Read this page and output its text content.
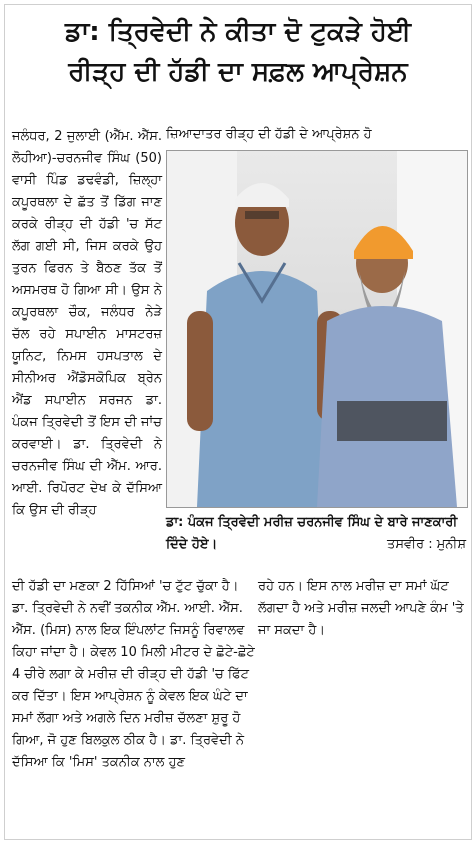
ਡਾ: ਤ੍ਰਿਵੇਦੀ ਨੇ ਕੀਤਾ ਦੋ ਟੁਕੜੇ ਹੋਈ
ਰੀੜ੍ਹ ਦੀ ਹੱਡੀ ਦਾ ਸਫ਼ਲ ਆਪ੍ਰੇਸ਼ਨ

ਜਲੰਧਰ, 2 ਜੁਲਾਈ (ਐੱਮ. ਐੱਸ. ਲੋਹੀਆ)-ਚਰਨਜੀਵ ਸਿੰਘ (50) ਵਾਸੀ ਪਿੰਡ ਡਢਵੰਡੀ, ਜ਼ਿਲ੍ਹਾ ਕਪੂਰਥਲਾ ਦੇ ਛੱਤ ਤੋਂ ਡਿੱਗ ਜਾਣ ਕਰਕੇ ਰੀੜ੍ਹ ਦੀ ਹੱਡੀ 'ਚ ਸੱਟ ਲੱਗ ਗਈ ਸੀ, ਜਿਸ ਕਰਕੇ ਉਹ ਤੁਰਨ ਫਿਰਨ ਤੇ ਬੈਠਣ ਤੱਕ ਤੋਂ ਅਸਮਰਥ ਹੋ ਗਿਆ ਸੀ। ਉਸ ਨੇ ਕਪੂਰਥਲਾ ਚੌਕ, ਜਲੰਧਰ ਨੇੜੇ ਚੱਲ ਰਹੇ ਸਪਾਈਨ ਮਾਸਟਰਜ਼ ਯੂਨਿਟ, ਨਿਮਸ ਹਸਪਤਾਲ ਦੇ ਸੀਨੀਅਰ ਐਂਡੋਸਕੋਪਿਕ ਬ੍ਰੇਨ ਐਂਡ ਸਪਾਈਨ ਸਰਜਨ ਡਾ. ਪੰਕਜ ਤ੍ਰਿਵੇਦੀ ਤੋਂ ਇਸ ਦੀ ਜਾਂਚ ਕਰਵਾਈ। ਡਾ. ਤ੍ਰਿਵੇਦੀ ਨੇ ਚਰਨਜੀਵ ਸਿੰਘ ਦੀ ਐੱਮ. ਆਰ. ਆਈ. ਰਿਪੋਰਟ ਦੇਖ ਕੇ ਦੱਸਿਆ ਕਿ ਉਸ ਦੀ ਰੀੜ੍ਹ

ਜ਼ਿਆਦਾਤਰ ਰੀੜ੍ਹ ਦੀ ਹੱਡੀ ਦੇ ਆਪ੍ਰੇਸ਼ਨ ਹੋ
ਡਾ: ਪੰਕਜ ਤ੍ਰਿਵੇਦੀ ਮਰੀਜ਼ ਚਰਨਜੀਵ ਸਿੰਘ ਦੇ ਬਾਰੇ ਜਾਣਕਾਰੀ ਦਿੰਦੇ ਹੋਏ।	ਤਸਵੀਰ : ਮੁਨੀਸ਼

ਦੀ ਹੱਡੀ ਦਾ ਮਣਕਾ 2 ਹਿੱਸਿਆਂ 'ਚ ਟੁੱਟ ਚੁੱਕਾ ਹੈ। ਡਾ. ਤ੍ਰਿਵੇਦੀ ਨੇ ਨਵੀਂ ਤਕਨੀਕ ਐੱਮ. ਆਈ. ਐੱਸ. ਐੱਸ. (ਮਿਸ) ਨਾਲ ਇਕ ਇੰਪਲਾਂਟ ਜਿਸਨੂੰ ਰਿਵਾਲਵ ਕਿਹਾ ਜਾਂਦਾ ਹੈ। ਕੇਵਲ 10 ਮਿਲੀ ਮੀਟਰ ਦੇ ਛੋਟੇ-ਛੋਟੇ 4 ਚੀਰੇ ਲਗਾ ਕੇ ਮਰੀਜ਼ ਦੀ ਰੀੜ੍ਹ ਦੀ ਹੱਡੀ 'ਚ ਫਿੱਟ ਕਰ ਦਿੱਤਾ। ਇਸ ਆਪ੍ਰੇਸ਼ਨ ਨੂੰ ਕੇਵਲ ਇਕ ਘੰਟੇ ਦਾ ਸਮਾਂ ਲੱਗਾ ਅਤੇ ਅਗਲੇ ਦਿਨ ਮਰੀਜ਼ ਚੱਲਣਾ ਸ਼ੁਰੂ ਹੋ ਗਿਆ, ਜੋ ਹੁਣ ਬਿਲਕੁਲ ਠੀਕ ਹੈ। ਡਾ. ਤ੍ਰਿਵੇਦੀ ਨੇ ਦੱਸਿਆ ਕਿ 'ਮਿਸ' ਤਕਨੀਕ ਨਾਲ ਹੁਣ

ਰਹੇ ਹਨ। ਇਸ ਨਾਲ ਮਰੀਜ਼ ਦਾ ਸਮਾਂ ਘੱਟ ਲੱਗਦਾ ਹੈ ਅਤੇ ਮਰੀਜ਼ ਜਲਦੀ ਆਪਣੇ ਕੰਮ 'ਤੇ ਜਾ ਸਕਦਾ ਹੈ।
